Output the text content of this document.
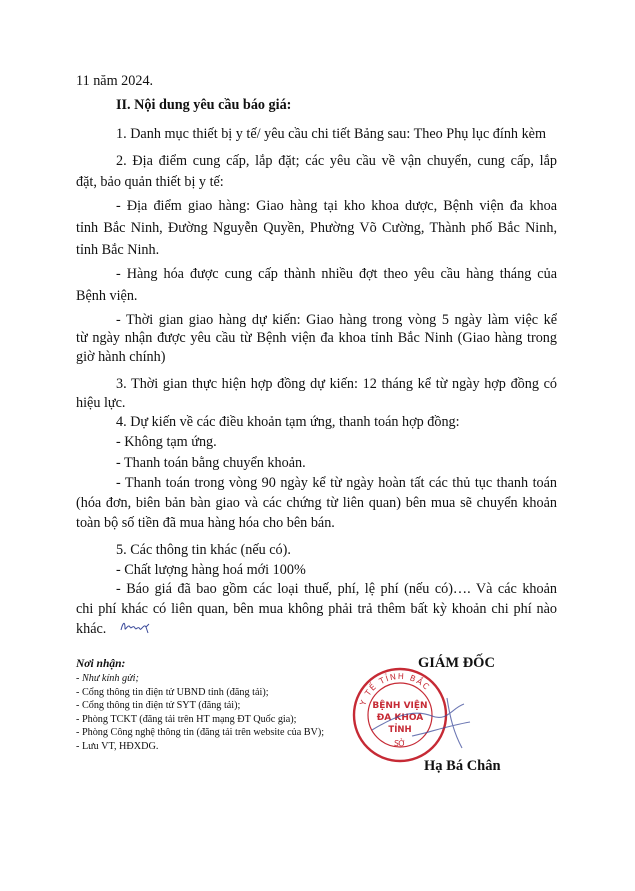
11 năm 2024.
II. Nội dung yêu cầu báo giá:
1. Danh mục thiết bị y tế/ yêu cầu chi tiết Bảng sau: Theo Phụ lục đính kèm
2. Địa điểm cung cấp, lắp đặt; các yêu cầu về vận chuyển, cung cấp, lắp
đặt, bảo quản thiết bị y tế:
- Địa điểm giao hàng: Giao hàng tại kho khoa dược, Bệnh viện đa khoa
tỉnh Bắc Ninh, Đường Nguyễn Quyền, Phường Võ Cường, Thành phố Bắc Ninh,
tỉnh Bắc Ninh.
- Hàng hóa được cung cấp thành nhiều đợt theo yêu cầu hàng tháng của
Bệnh viện.
- Thời gian giao hàng dự kiến: Giao hàng trong vòng 5 ngày làm việc kể
từ ngày nhận được yêu cầu từ Bệnh viện đa khoa tỉnh Bắc Ninh (Giao hàng trong
giờ hành chính)
3. Thời gian thực hiện hợp đồng dự kiến: 12 tháng kể từ ngày hợp đồng có
hiệu lực.
4. Dự kiến về các điều khoản tạm ứng, thanh toán hợp đồng:
- Không tạm ứng.
- Thanh toán bằng chuyển khoản.
- Thanh toán trong vòng 90 ngày kể từ ngày hoàn tất các thủ tục thanh toán
(hóa đơn, biên bản bàn giao và các chứng từ liên quan) bên mua sẽ chuyển khoản
toàn bộ số tiền đã mua hàng hóa cho bên bán.
5. Các thông tin khác (nếu có).
- Chất lượng hàng hoá mới 100%
- Báo giá đã bao gồm các loại thuế, phí, lệ phí (nếu có)…. Và các khoản
chi phí khác có liên quan, bên mua không phải trả thêm bất kỳ khoản chi phí nào
khác.
Nơi nhận:
- Như kính gửi;
- Cổng thông tin điện tử UBND tỉnh (đăng tải);
- Cổng thông tin điện tử SYT (đăng tải);
- Phòng TCKT (đăng tải trên HT mạng ĐT Quốc gia);
- Phòng Công nghệ thông tin (đăng tải trên website của BV);
- Lưu VT, HĐXDG.
GIÁM ĐỐC
Y TẾ TỈNH BẮC
SỞ
BỆNH VIỆN
ĐA KHOA
TỈNH
Hạ Bá Chân
